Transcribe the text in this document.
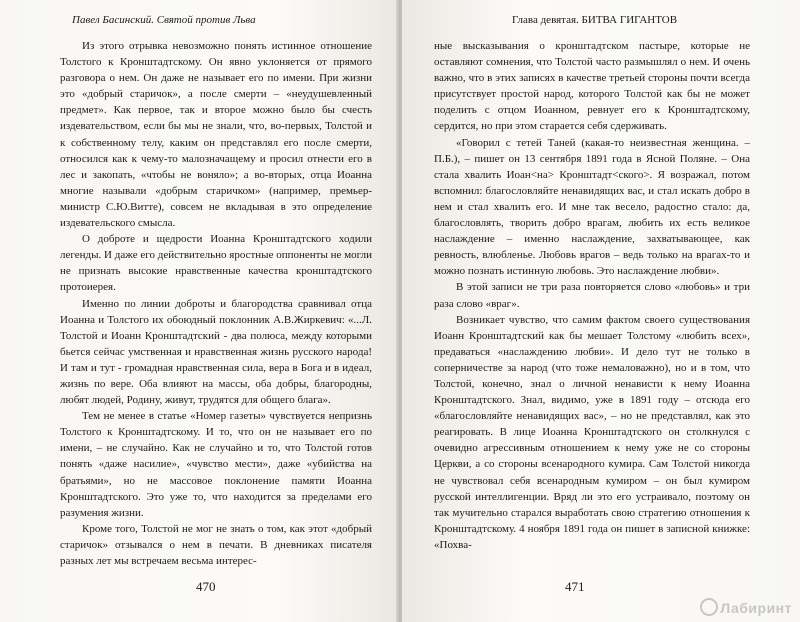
Павел Басинский. Святой против Льва

Из этого отрывка невозможно понять истинное отношение Толстого к Кронштадтскому. Он явно уклоняется от прямого разговора о нем. Он даже не называет его по имени. При жизни это «добрый старичок», а после смерти – «неудушевленный предмет». Как первое, так и второе можно было бы счесть издевательством, если бы мы не знали, что, во-первых, Толстой и к собственному телу, каким он представлял его после смерти, относился как к чему-то малозначащему и просил отнести его в лес и закопать, «чтобы не воняло»; а во-вторых, отца Иоанна многие называли «добрым старичком» (например, премьер-министр С.Ю.Витте), совсем не вкладывая в это определение издевательского смысла.

О доброте и щедрости Иоанна Кронштадтского ходили легенды. И даже его действительно яростные оппоненты не могли не признать высокие нравственные качества кронштадтского протоиерея.

Именно по линии доброты и благородства сравнивал отца Иоанна и Толстого их обоюдный поклонник А.В.Жиркевич: «...Л. Толстой и Иоанн Кронштадтский - два полюса, между которыми бьется сейчас умственная и нравственная жизнь русского народа! И там и тут - громадная нравственная сила, вера в Бога и в идеал, жизнь по вере. Оба влияют на массы, оба добры, благородны, любят людей, Родину, живут, трудятся для общего блага».

Тем не менее в статье «Номер газеты» чувствуется непризнь Толстого к Кронштадтскому. И то, что он не называет его по имени, – не случайно. Как не случайно и то, что Толстой готов понять «даже насилие», «чувство мести», даже «убийства на братьями», но не массовое поклонение памяти Иоанна Кронштадтского. Это уже то, что находится за пределами его разумения жизни.

Кроме того, Толстой не мог не знать о том, как этот «добрый старичок» отзывался о нем в печати. В дневниках писателя разных лет мы встречаем весьма интерес-

470
Глава девятая. БИТВА ГИГАНТОВ

ные высказывания о кронштадтском пастыре, которые не оставляют сомнения, что Толстой часто размышлял о нем. И очень важно, что в этих записях в качестве третьей стороны почти всегда присутствует простой народ, которого Толстой как бы не может поделить с отцом Иоанном, ревнует его к Кронштадтскому, сердится, но при этом старается себя сдерживать.

«Говорил с тетей Таней (какая-то неизвестная женщина. – П.Б.), – пишет он 13 сентября 1891 года в Ясной Поляне. – Она стала хвалить Иоан<на> Кронштадт<ского>. Я возражал, потом вспомнил: благословляйте ненавидящих вас, и стал искать добро в нем и стал хвалить его. И мне так весело, радостно стало: да, благословлять, творить добро врагам, любить их есть великое наслаждение – именно наслаждение, захватывающее, как ревность, влюбленье. Любовь врагов – ведь только на врагах-то и можно познать истинную любовь. Это наслаждение любви».

В этой записи не три раза повторяется слово «любовь» и три раза слово «враг».

Возникает чувство, что самим фактом своего существования Иоанн Кронштадтский как бы мешает Толстому «любить всех», предаваться «наслаждению любви». И дело тут не только в соперничестве за народ (что тоже немаловажно), но и в том, что Толстой, конечно, знал о личной ненависти к нему Иоанна Кронштадтского. Знал, видимо, уже в 1891 году – отсюда его «благословляйте ненавидящих вас», – но не представлял, как это реагировать. В лице Иоанна Кронштадтского он столкнулся с очевидно агрессивным отношением к нему уже не со стороны Церкви, а со стороны всенародного кумира. Сам Толстой никогда не чувствовал себя всенародным кумиром – он был кумиром русской интеллигенции. Вряд ли это его устраивало, поэтому он так мучительно старался выработать свою стратегию отношения к Кронштадтскому. 4 ноября 1891 года он пишет в записной книжке: «Похва-

471
Лабиринт
